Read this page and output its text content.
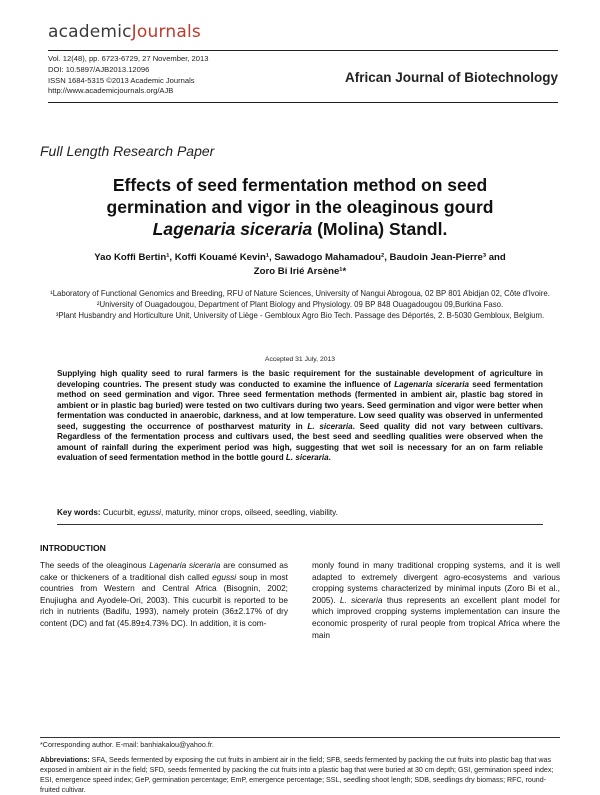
academicJournals
Vol. 12(48), pp. 6723-6729, 27 November, 2013
DOI: 10.5897/AJB2013.12096
ISSN 1684-5315 ©2013 Academic Journals
http://www.academicjournals.org/AJB
African Journal of Biotechnology
Full Length Research Paper
Effects of seed fermentation method on seed
germination and vigor in the oleaginous gourd
Lagenaria siceraria (Molina) Standl.
Yao Koffi Bertin¹, Koffi Kouamé Kevin¹, Sawadogo Mahamadou², Baudoin Jean-Pierre³ and
Zoro Bi Irié Arsène¹*
¹Laboratory of Functional Genomics and Breeding, RFU of Nature Sciences, University of Nangui Abrogoua, 02 BP 801 Abidjan 02, Côte d'Ivoire.
²University of Ouagadougou, Department of Plant Biology and Physiology. 09 BP 848 Ouagadougou 09,Burkina Faso.
³Plant Husbandry and Horticulture Unit, University of Liège - Gembloux Agro Bio Tech. Passage des Déportés, 2. B-5030 Gembloux, Belgium.
Accepted 31 July, 2013
Supplying high quality seed to rural farmers is the basic requirement for the sustainable development of agriculture in developing countries. The present study was conducted to examine the influence of Lagenaria siceraria seed fermentation method on seed germination and vigor. Three seed fermentation methods (fermented in ambient air, plastic bag stored in ambient or in plastic bag buried) were tested on two cultivars during two years. Seed germination and vigor were better when fermentation was conducted in anaerobic, darkness, and at low temperature. Low seed quality was observed in unfermented seed, suggesting the occurrence of postharvest maturity in L. siceraria. Seed quality did not vary between cultivars. Regardless of the fermentation process and cultivars used, the best seed and seedling qualities were observed when the amount of rainfall during the experiment period was high, suggesting that wet soil is necessary for an on farm reliable evaluation of seed fermentation method in the bottle gourd L. siceraria.
Key words: Cucurbit, egussi, maturity, minor crops, oilseed, seedling, viability.
INTRODUCTION
The seeds of the oleaginous Lagenaria siceraria are consumed as cake or thickeners of a traditional dish called egussi soup in most countries from Western and Central Africa (Bisognin, 2002; Enujiugha and Ayodele-Ori, 2003). This cucurbit is reported to be rich in nutrients (Badifu, 1993), namely protein (36±2.17% of dry content (DC) and fat (45.89±4.73% DC). In addition, it is com-
monly found in many traditional cropping systems, and it is well adapted to extremely divergent agro-ecosystems and various cropping systems characterized by minimal inputs (Zoro Bi et al., 2005). L. siceraria thus represents an excellent plant model for which improved cropping systems implementation can insure the economic prosperity of rural people from tropical Africa where the main
*Corresponding author. E-mail: banhiakalou@yahoo.fr.
Abbreviations: SFA, Seeds fermented by exposing the cut fruits in ambient air in the field; SFB, seeds fermented by packing the cut fruits into plastic bag that was exposed in ambient air in the field; SFD, seeds fermented by packing the cut fruits into a plastic bag that were buried at 30 cm depth; GSI, germination speed index; ESI, emergence speed index; GeP, germination percentage; EmP, emergence percentage; SSL, seedling shoot length; SDB, seedlings dry biomass; RFC, round-fruited cultivar.
